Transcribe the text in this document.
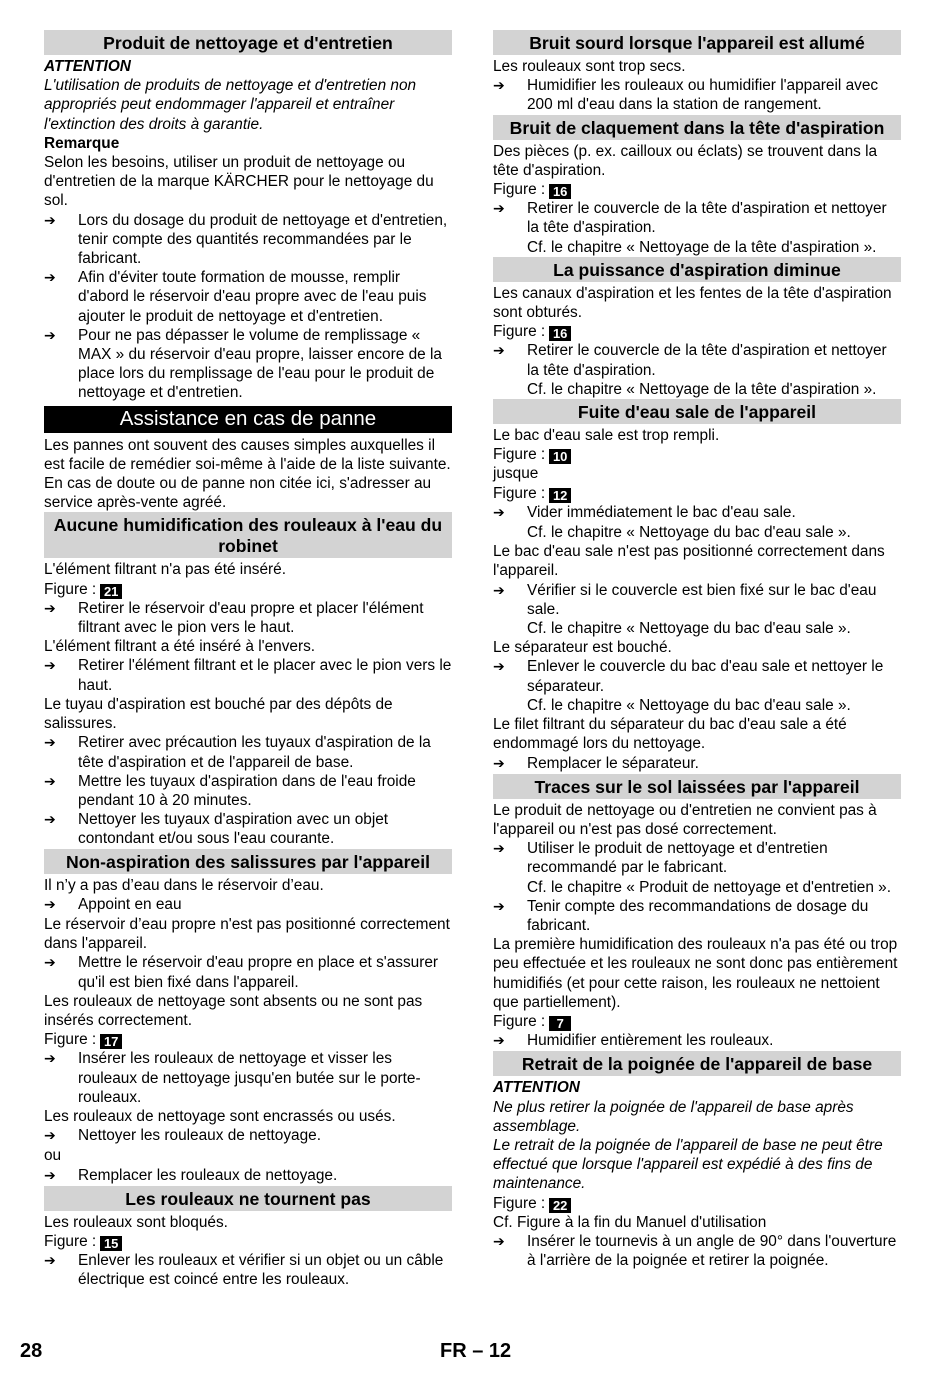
Produit de nettoyage et d'entretien

ATTENTION

L'utilisation de produits de nettoyage et d'entretien non appropriés peut endommager l'appareil et entraîner l'extinction des droits à garantie.

Remarque

Selon les besoins, utiliser un produit de nettoyage ou d'entretien de la marque KÄRCHER pour le nettoyage du sol.

➔
Lors du dosage du produit de nettoyage et d'entretien, tenir compte des quantités recommandées par le fabricant.
➔
Afin d'éviter toute formation de mousse, remplir d'abord le réservoir d'eau propre avec de l'eau puis ajouter le produit de nettoyage et d'entretien.
➔
Pour ne pas dépasser le volume de remplissage « MAX » du réservoir d'eau propre, laisser encore de la place lors du remplissage de l'eau pour le produit de nettoyage et d'entretien.
Assistance en cas de panne

Les pannes ont souvent des causes simples auxquelles il est facile de remédier soi-même à l'aide de la liste suivante. En cas de doute ou de panne non citée ici, s'adresser au service après-vente agréé.

Aucune humidification des rouleaux à l'eau du robinet

L'élément filtrant n'a pas été inséré.

Figure : 21

➔
Retirer le réservoir d'eau propre et placer l'élément filtrant avec le pion vers le haut.

L'élément filtrant a été inséré à l'envers.

➔
Retirer l'élément filtrant et le placer avec le pion vers le haut.

Le tuyau d'aspiration est bouché par des dépôts de salissures.

➔
Retirer avec précaution les tuyaux d'aspiration de la tête d'aspiration et de l'appareil de base.
➔
Mettre les tuyaux d'aspiration dans de l'eau froide pendant 10 à 20 minutes.
➔
Nettoyer les tuyaux d'aspiration avec un objet contondant et/ou sous l'eau courante.
Non-aspiration des salissures par l'appareil

Il n’y a pas d’eau dans le réservoir d’eau.

➔
Appoint en eau

Le réservoir d’eau propre n'est pas positionné correctement dans l'appareil.

➔
Mettre le réservoir d'eau propre en place et s'assurer qu'il est bien fixé dans l'appareil.

Les rouleaux de nettoyage sont absents ou ne sont pas insérés correctement.

Figure : 17

➔
Insérer les rouleaux de nettoyage et visser les rouleaux de nettoyage jusqu'en butée sur le porte-rouleaux.

Les rouleaux de nettoyage sont encrassés ou usés.

➔
Nettoyer les rouleaux de nettoyage.

ou

➔
Remplacer les rouleaux de nettoyage.
Les rouleaux ne tournent pas

Les rouleaux sont bloqués.

Figure : 15

➔
Enlever les rouleaux et vérifier si un objet ou un câble électrique est coincé entre les rouleaux.
Bruit sourd lorsque l'appareil est allumé

Les rouleaux sont trop secs.

➔
Humidifier les rouleaux ou humidifier l'appareil avec 200 ml d'eau dans la station de rangement.
Bruit de claquement dans la tête d'aspiration

Des pièces (p. ex. cailloux ou éclats) se trouvent dans la tête d'aspiration.

Figure : 16

➔
Retirer le couvercle de la tête d'aspiration et nettoyer la tête d'aspiration.

Cf. le chapitre « Nettoyage de la tête d'aspiration ».

La puissance d'aspiration diminue

Les canaux d'aspiration et les fentes de la tête d'aspiration sont obturés.

Figure : 16

➔
Retirer le couvercle de la tête d'aspiration et nettoyer la tête d'aspiration.

Cf. le chapitre « Nettoyage de la tête d'aspiration ».

Fuite d'eau sale de l'appareil

Le bac d'eau sale est trop rempli.

Figure : 10

jusque

Figure : 12

➔
Vider immédiatement le bac d'eau sale.

Cf. le chapitre « Nettoyage du bac d'eau sale ».

Le bac d'eau sale n'est pas positionné correctement dans l'appareil.

➔
Vérifier si le couvercle est bien fixé sur le bac d'eau sale.

Cf. le chapitre « Nettoyage du bac d'eau sale ».

Le séparateur est bouché.

➔
Enlever le couvercle du bac d'eau sale et nettoyer le séparateur.

Cf. le chapitre « Nettoyage du bac d'eau sale ».

Le filet filtrant du séparateur du bac d'eau sale a été endommagé lors du nettoyage.

➔
Remplacer le séparateur.
Traces sur le sol laissées par l'appareil

Le produit de nettoyage ou d'entretien ne convient pas à l'appareil ou n'est pas dosé correctement.

➔
Utiliser le produit de nettoyage et d'entretien recommandé par le fabricant.

Cf. le chapitre « Produit de nettoyage et d'entretien ».

➔
Tenir compte des recommandations de dosage du fabricant.

La première humidification des rouleaux n'a pas été ou trop peu effectuée et les rouleaux ne sont donc pas entièrement humidifiés (et pour cette raison, les rouleaux ne nettoient que partiellement).

Figure : 7

➔
Humidifier entièrement les rouleaux.
Retrait de la poignée de l'appareil de base

ATTENTION

Ne plus retirer la poignée de l'appareil de base après assemblage.

Le retrait de la poignée de l'appareil de base ne peut être effectué que lorsque l'appareil est expédié à des fins de maintenance.

Figure : 22

Cf. Figure à la fin du Manuel d'utilisation

➔
Insérer le tournevis à un angle de 90° dans l'ouverture à l'arrière de la poignée et retirer la poignée.
28	FR – 12
